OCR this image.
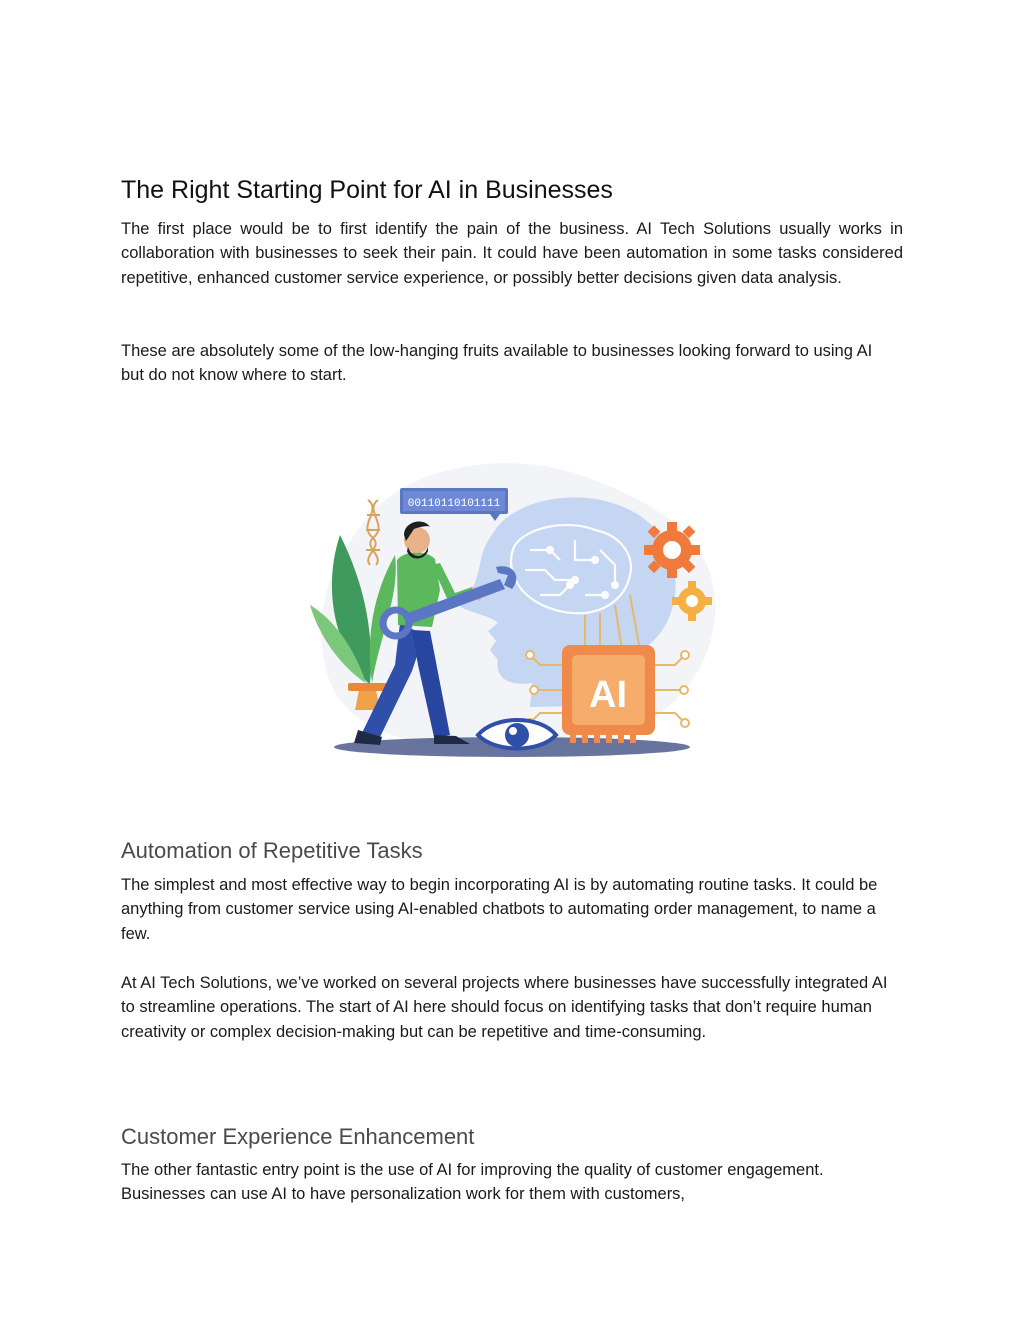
The Right Starting Point for AI in Businesses

The first place would be to first identify the pain of the business. AI Tech Solutions usually works in collaboration with businesses to seek their pain. It could have been automation in some tasks considered repetitive, enhanced customer service experience, or possibly better decisions given data analysis.

These are absolutely some of the low-hanging fruits available to businesses looking forward to using AI but do not know where to start.

Automation of Repetitive Tasks

The simplest and most effective way to begin incorporating AI is by automating routine tasks. It could be anything from customer service using AI-enabled chatbots to automating order management, to name a few.

At AI Tech Solutions, we’ve worked on several projects where businesses have successfully integrated AI to streamline operations. The start of AI here should focus on identifying tasks that don’t require human creativity or complex decision-making but can be repetitive and time-consuming.

Customer Experience Enhancement

The other fantastic entry point is the use of AI for improving the quality of customer engagement. Businesses can use AI to have personalization work for them with customers,

00110110101111
AI
